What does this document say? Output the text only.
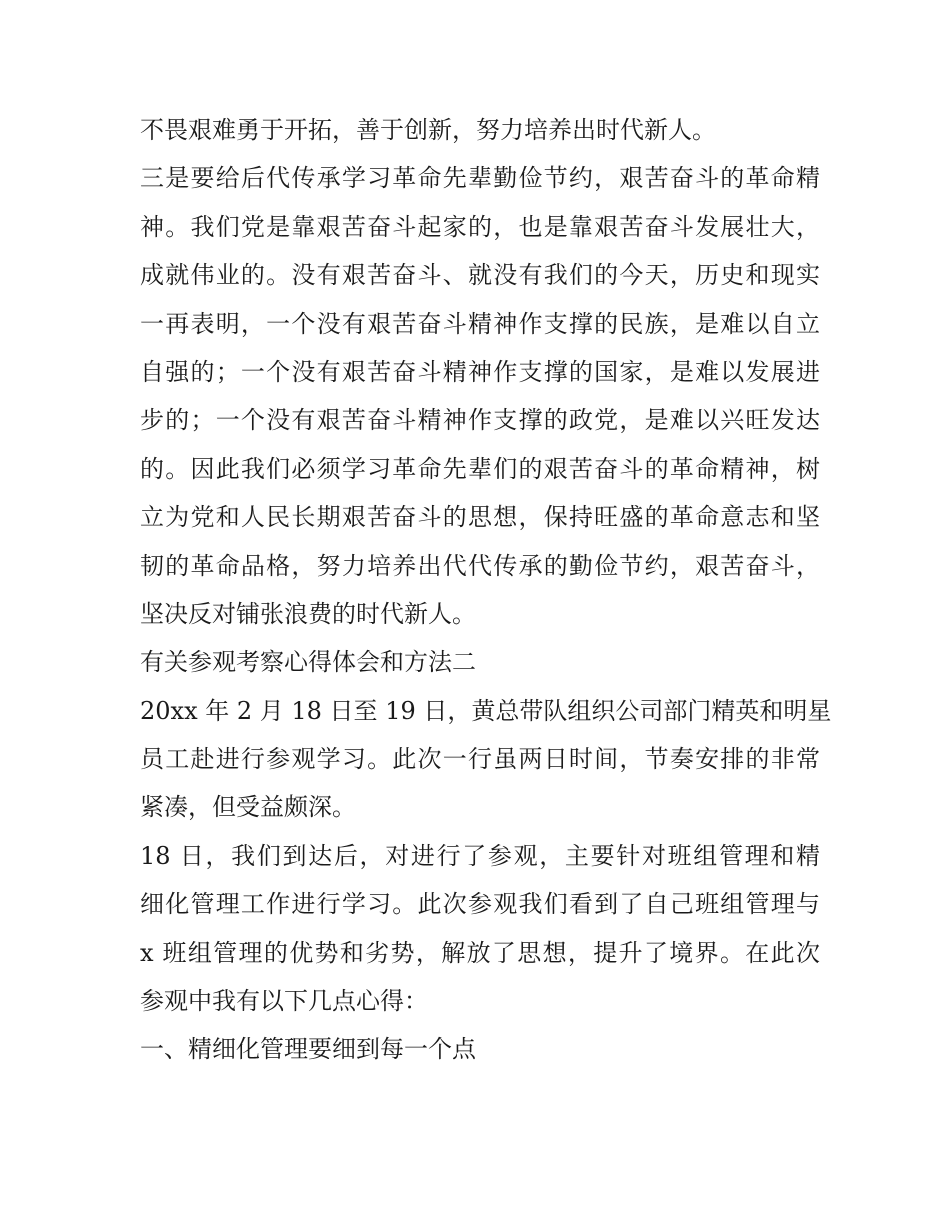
不畏艰难勇于开拓，善于创新，努力培养出时代新人。
三是要给后代传承学习革命先辈勤俭节约，艰苦奋斗的革命精
神。我们党是靠艰苦奋斗起家的，也是靠艰苦奋斗发展壮大，
成就伟业的。没有艰苦奋斗、就没有我们的今天，历史和现实
一再表明，一个没有艰苦奋斗精神作支撑的民族，是难以自立
自强的；一个没有艰苦奋斗精神作支撑的国家，是难以发展进
步的；一个没有艰苦奋斗精神作支撑的政党，是难以兴旺发达
的。因此我们必须学习革命先辈们的艰苦奋斗的革命精神，树
立为党和人民长期艰苦奋斗的思想，保持旺盛的革命意志和坚
韧的革命品格，努力培养出代代传承的勤俭节约，艰苦奋斗，
坚决反对铺张浪费的时代新人。
有关参观考察心得体会和方法二
20xx 年 2 月 18 日至 19 日，黄总带队组织公司部门精英和明星
员工赴进行参观学习。此次一行虽两日时间，节奏安排的非常
紧凑，但受益颇深。
18 日，我们到达后，对进行了参观，主要针对班组管理和精
细化管理工作进行学习。此次参观我们看到了自己班组管理与
x 班组管理的优势和劣势，解放了思想，提升了境界。在此次
参观中我有以下几点心得：
一、精细化管理要细到每一个点
